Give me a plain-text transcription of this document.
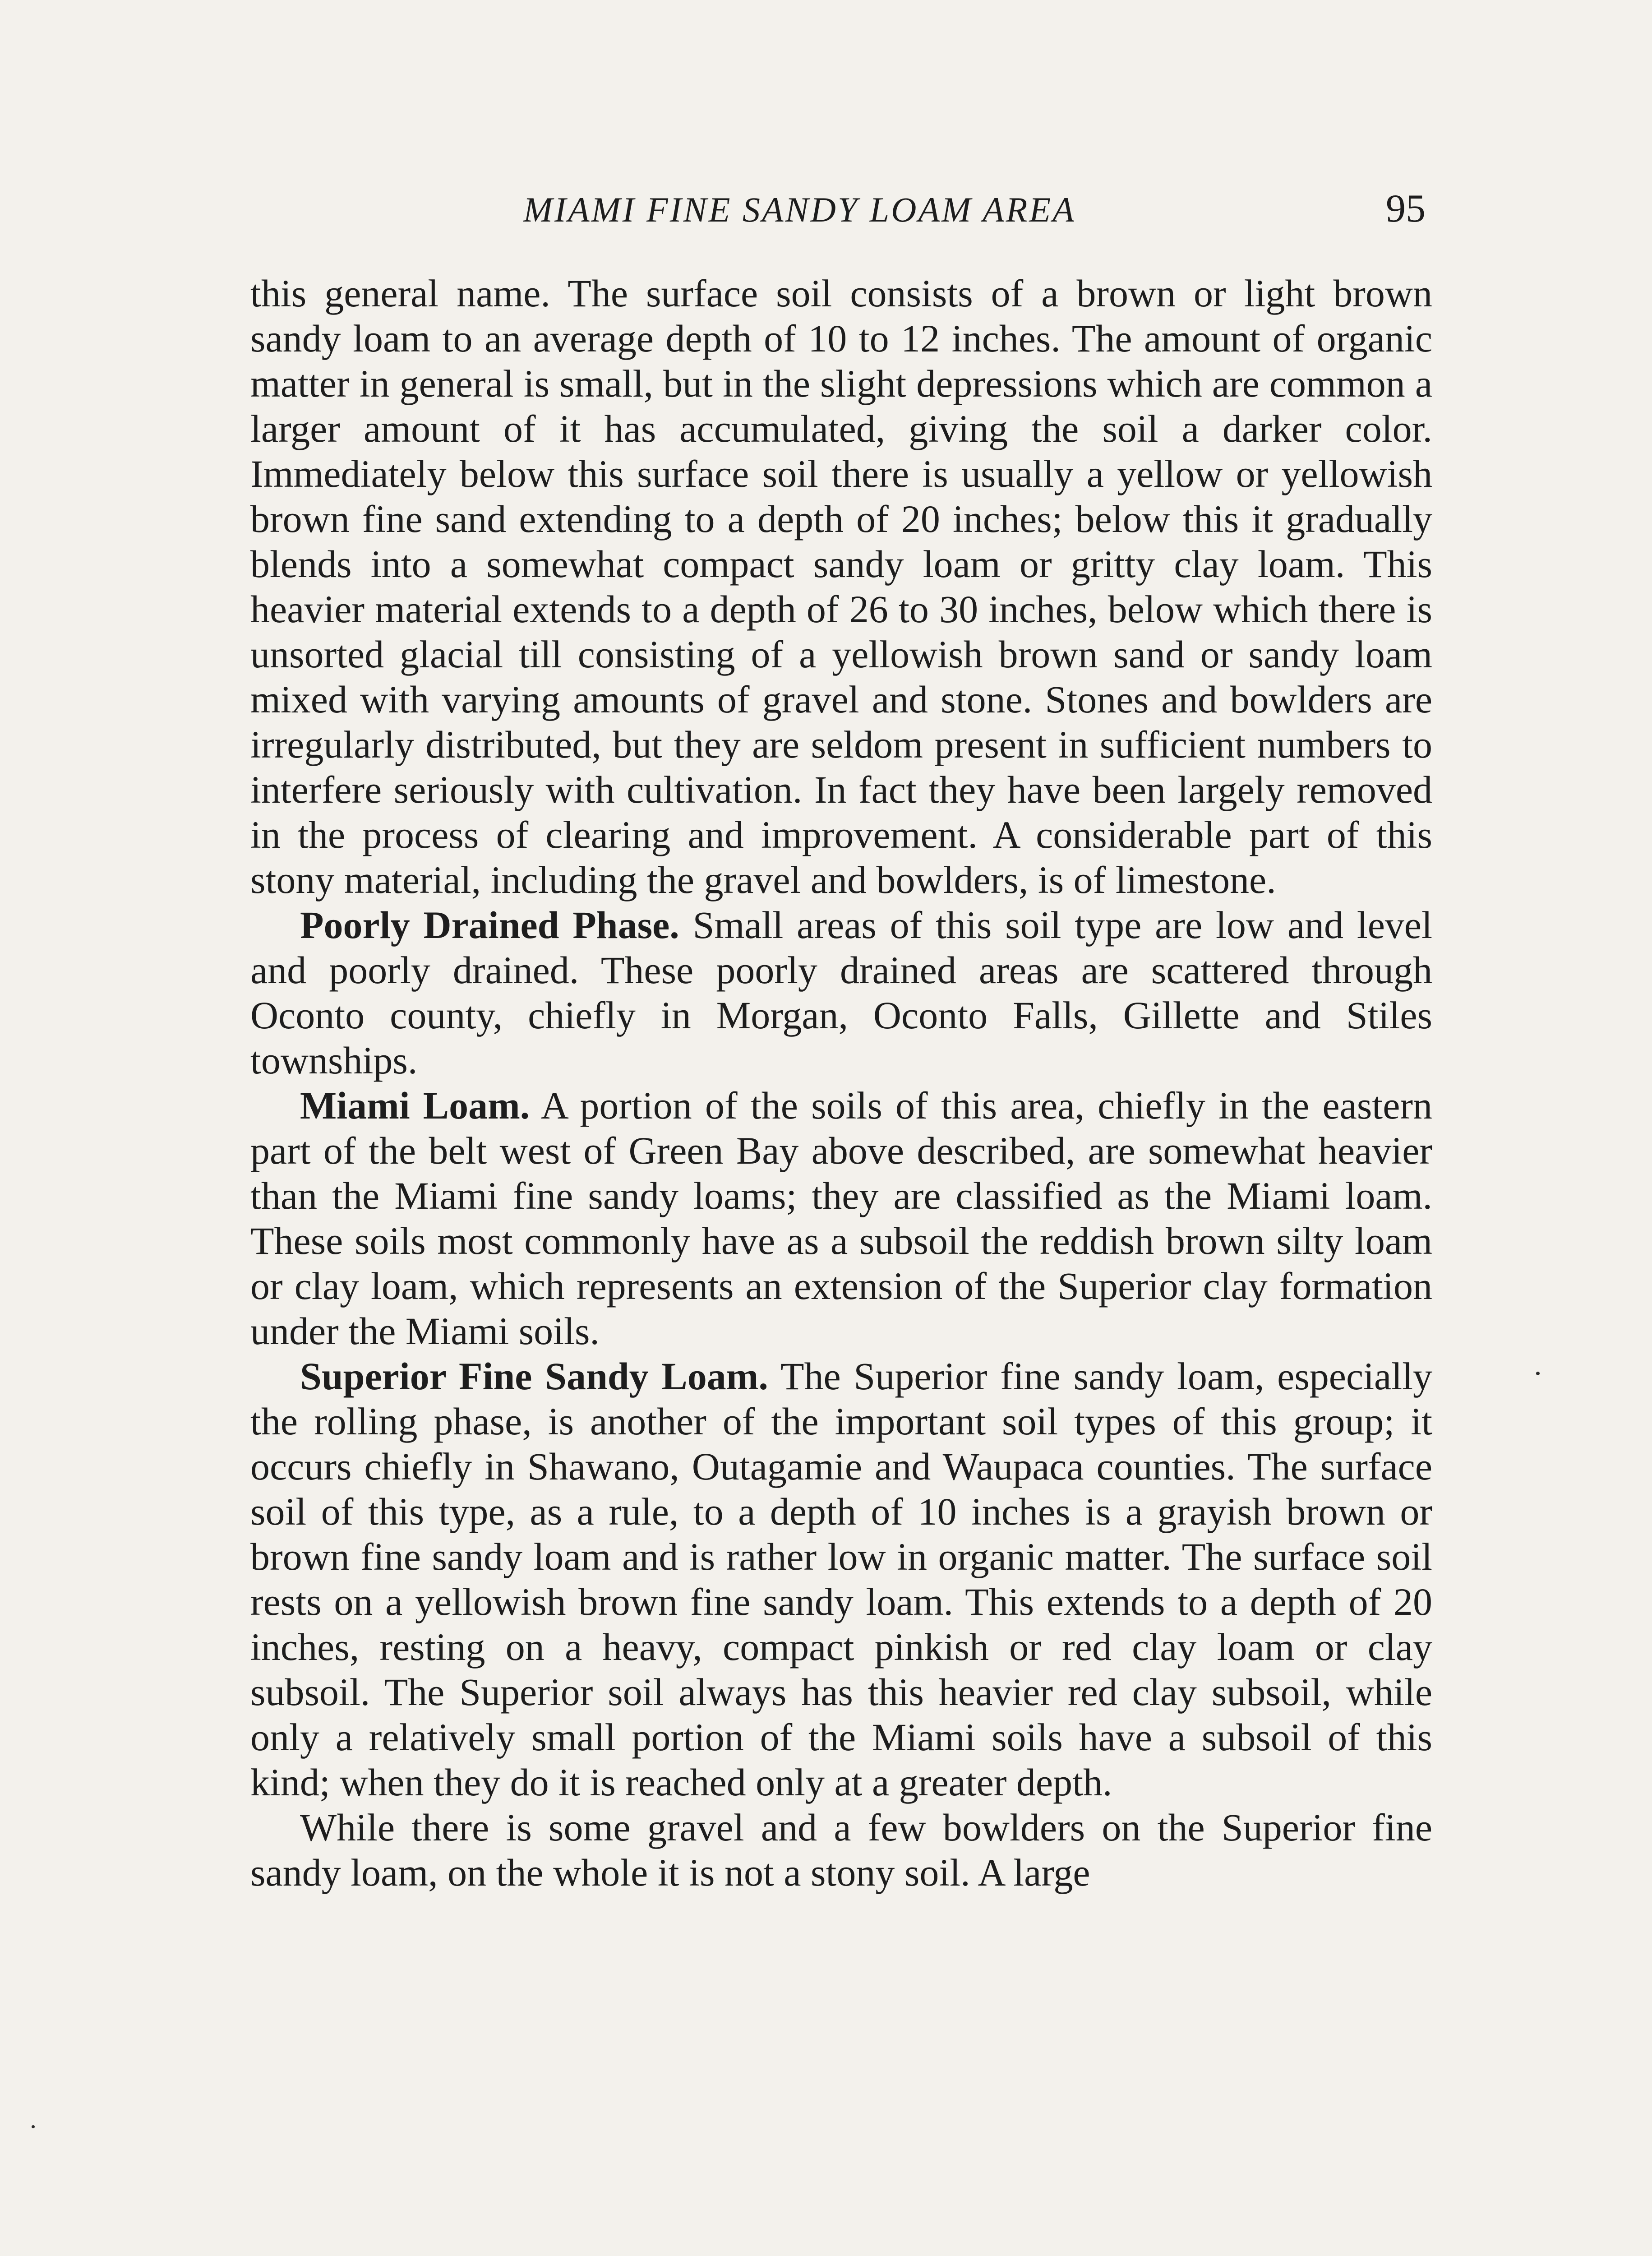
MIAMI FINE SANDY LOAM AREA	95

this general name. The surface soil consists of a brown or light brown sandy loam to an average depth of 10 to 12 inches. The amount of organic matter in general is small, but in the slight depressions which are common a larger amount of it has accumulated, giving the soil a darker color. Immediately below this surface soil there is usually a yellow or yellowish brown fine sand extending to a depth of 20 inches; below this it gradually blends into a somewhat compact sandy loam or gritty clay loam. This heavier material extends to a depth of 26 to 30 inches, below which there is unsorted glacial till consisting of a yellowish brown sand or sandy loam mixed with varying amounts of gravel and stone. Stones and bowlders are irregularly distributed, but they are seldom present in sufficient numbers to interfere seriously with cultivation. In fact they have been largely removed in the process of clearing and improvement. A considerable part of this stony material, including the gravel and bowlders, is of limestone.

Poorly Drained Phase. Small areas of this soil type are low and level and poorly drained. These poorly drained areas are scattered through Oconto county, chiefly in Morgan, Oconto Falls, Gillette and Stiles townships.

Miami Loam. A portion of the soils of this area, chiefly in the eastern part of the belt west of Green Bay above described, are somewhat heavier than the Miami fine sandy loams; they are classified as the Miami loam. These soils most commonly have as a subsoil the reddish brown silty loam or clay loam, which represents an extension of the Superior clay formation under the Miami soils.

Superior Fine Sandy Loam. The Superior fine sandy loam, especially the rolling phase, is another of the important soil types of this group; it occurs chiefly in Shawano, Outagamie and Waupaca counties. The surface soil of this type, as a rule, to a depth of 10 inches is a grayish brown or brown fine sandy loam and is rather low in organic matter. The surface soil rests on a yellowish brown fine sandy loam. This extends to a depth of 20 inches, resting on a heavy, compact pinkish or red clay loam or clay subsoil. The Superior soil always has this heavier red clay subsoil, while only a relatively small portion of the Miami soils have a subsoil of this kind; when they do it is reached only at a greater depth.

While there is some gravel and a few bowlders on the Superior fine sandy loam, on the whole it is not a stony soil. A large
